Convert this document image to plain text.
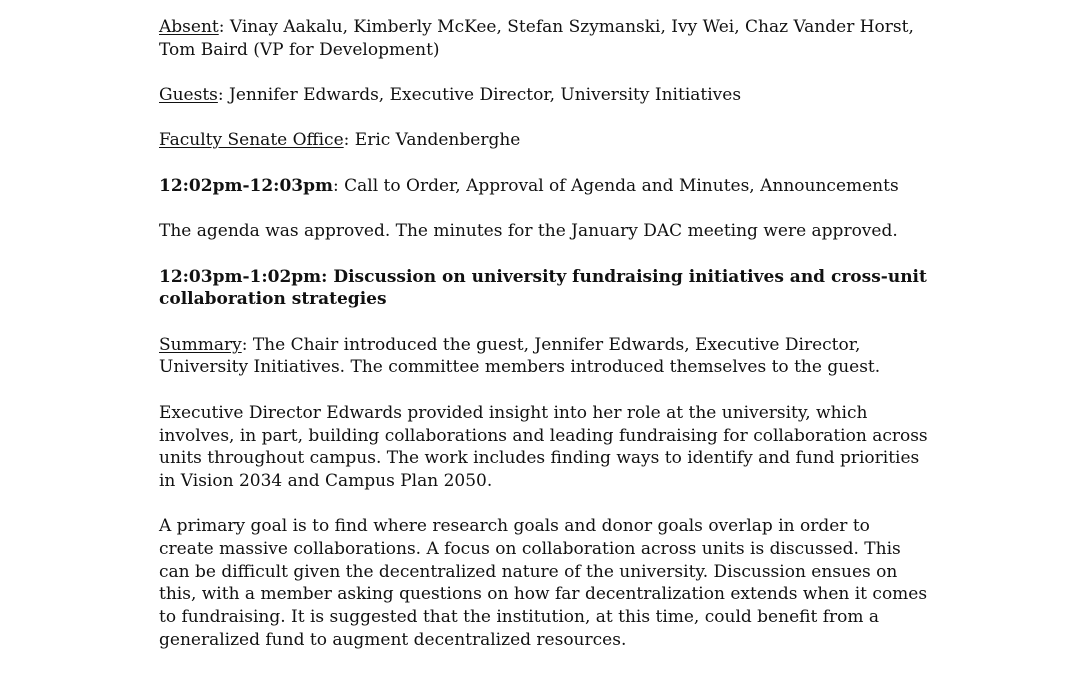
Absent: Vinay Aakalu, Kimberly McKee, Stefan Szymanski, Ivy Wei, Chaz Vander Horst, Tom Baird (VP for Development)

Guests: Jennifer Edwards, Executive Director, University Initiatives

Faculty Senate Office: Eric Vandenberghe

12:02pm-12:03pm: Call to Order, Approval of Agenda and Minutes, Announcements

The agenda was approved. The minutes for the January DAC meeting were approved.

12:03pm-1:02pm: Discussion on university fundraising initiatives and cross-unit collaboration strategies

Summary: The Chair introduced the guest, Jennifer Edwards, Executive Director, University Initiatives. The committee members introduced themselves to the guest.

Executive Director Edwards provided insight into her role at the university, which involves, in part, building collaborations and leading fundraising for collaboration across units throughout campus. The work includes finding ways to identify and fund priorities in Vision 2034 and Campus Plan 2050.

A primary goal is to find where research goals and donor goals overlap in order to create massive collaborations. A focus on collaboration across units is discussed. This can be difficult given the decentralized nature of the university. Discussion ensues on this, with a member asking questions on how far decentralization extends when it comes to fundraising. It is suggested that the institution, at this time, could benefit from a generalized fund to augment decentralized resources.
